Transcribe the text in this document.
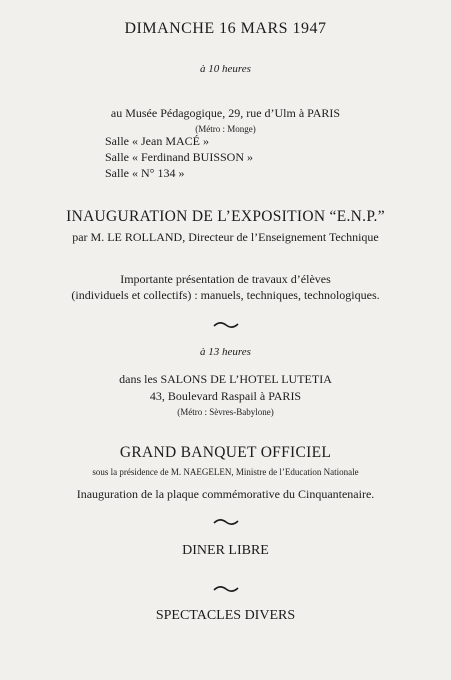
DIMANCHE 16 MARS 1947
à 10 heures
au Musée Pédagogique, 29, rue d’Ulm à PARIS
(Métro : Monge)
Salle « Jean MACÉ »
Salle « Ferdinand BUISSON »
Salle « N° 134 »
INAUGURATION DE L’EXPOSITION “E.N.P.”
par M. LE ROLLAND, Directeur de l’Enseignement Technique
Importante présentation de travaux d’élèves
(individuels et collectifs) : manuels, techniques, technologiques.
à 13 heures
dans les SALONS DE L’HOTEL LUTETIA
43, Boulevard Raspail à PARIS
(Métro : Sèvres-Babylone)
GRAND BANQUET OFFICIEL
sous la présidence de M. NAEGELEN, Ministre de l’Education Nationale
Inauguration de la plaque commémorative du Cinquantenaire.
DINER LIBRE
SPECTACLES DIVERS
